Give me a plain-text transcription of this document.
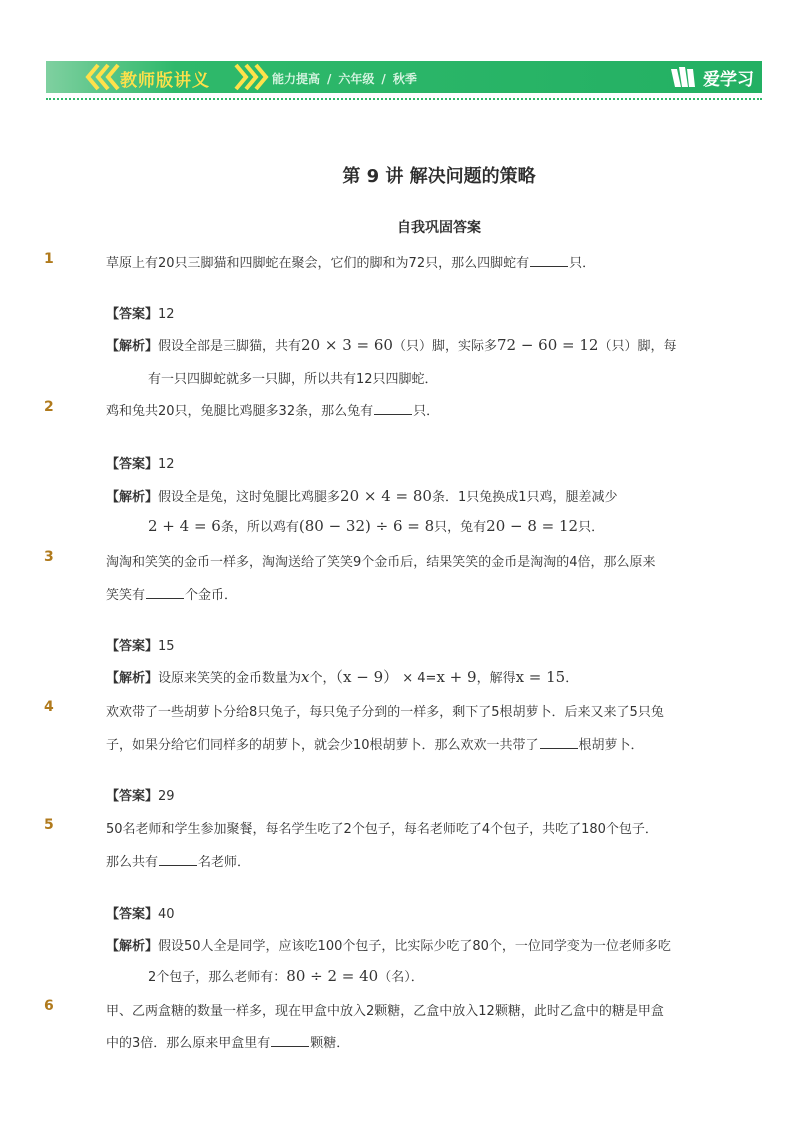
教师版讲义	能力提高 / 六年级 / 秋季	爱学习
第 9 讲 解决问题的策略
自我巩固答案
1	草原上有20只三脚猫和四脚蛇在聚会，它们的脚和为72只，那么四脚蛇有	只．
【答案】12
【解析】假设全部是三脚猫，共有20 × 3 = 60（只）脚，实际多72 − 60 = 12（只）脚，每
有一只四脚蛇就多一只脚，所以共有12只四脚蛇．
2	鸡和兔共20只，兔腿比鸡腿多32条，那么兔有	只．
【答案】12
【解析】假设全是兔，这时兔腿比鸡腿多20 × 4 = 80条．1只兔换成1只鸡，腿差减少
2 + 4 = 6条，所以鸡有(80 − 32) ÷ 6 = 8只，兔有20 − 8 = 12只．
3	淘淘和笑笑的金币一样多，淘淘送给了笑笑9个金币后，结果笑笑的金币是淘淘的4倍，那么原来
笑笑有	个金币．
【答案】15
【解析】设原来笑笑的金币数量为x个，（x − 9） × 4=x + 9，解得x = 15．
4	欢欢带了一些胡萝卜分给8只兔子，每只兔子分到的一样多，剩下了5根胡萝卜．后来又来了5只兔
子，如果分给它们同样多的胡萝卜，就会少10根胡萝卜．那么欢欢一共带了	根胡萝卜．
【答案】29
5	50名老师和学生参加聚餐，每名学生吃了2个包子，每名老师吃了4个包子，共吃了180个包子．
那么共有	名老师．
【答案】40
【解析】假设50人全是同学，应该吃100个包子，比实际少吃了80个，一位同学变为一位老师多吃
2个包子，那么老师有：80 ÷ 2 = 40（名）．
6	甲、乙两盒糖的数量一样多，现在甲盒中放入2颗糖，乙盒中放入12颗糖，此时乙盒中的糖是甲盒
中的3倍．那么原来甲盒里有	颗糖．
